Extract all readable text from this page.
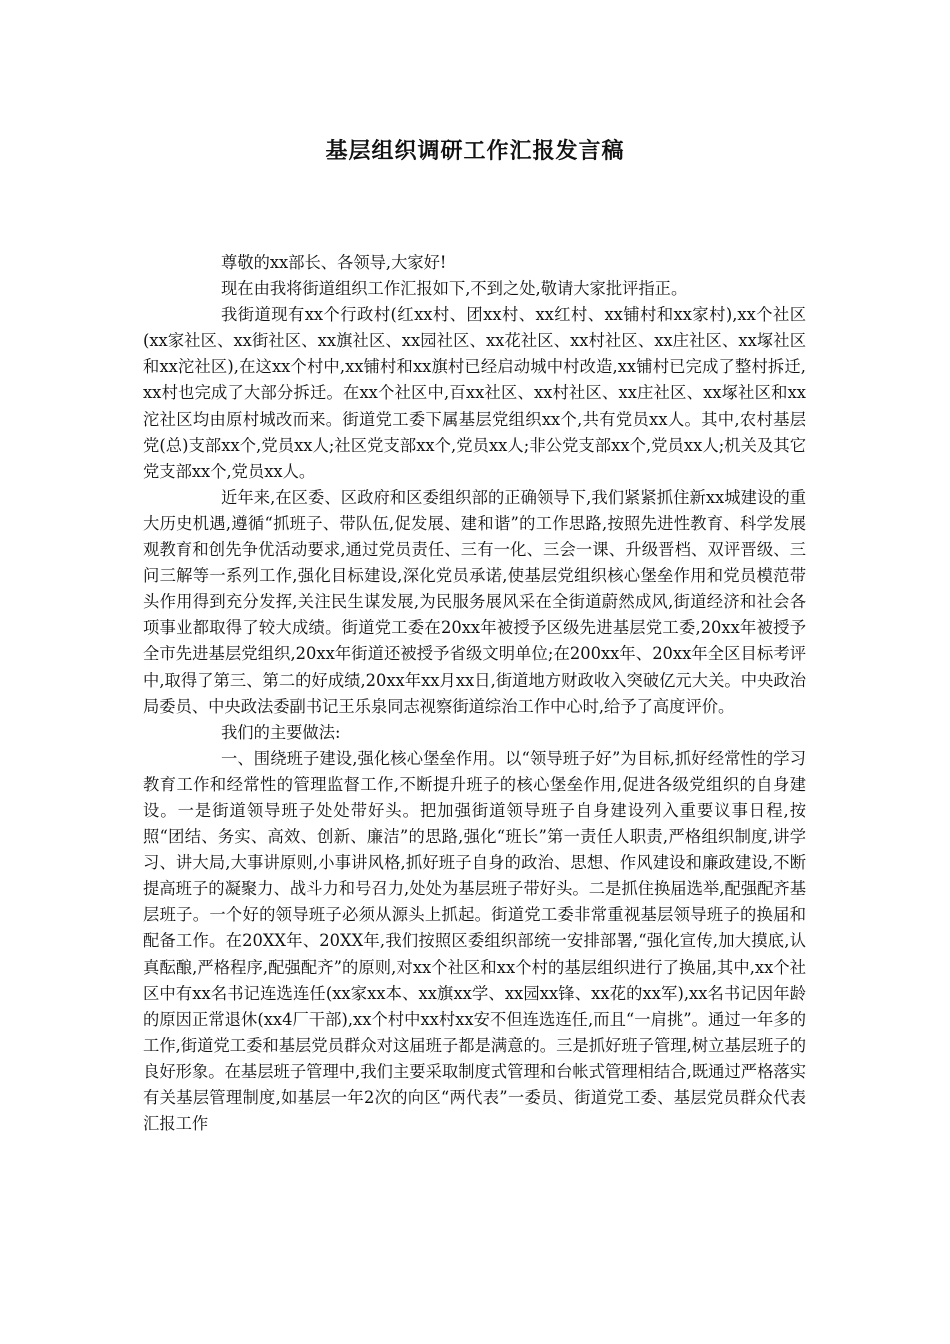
基层组织调研工作汇报发言稿

尊敬的xx部长、各领导,大家好!

现在由我将街道组织工作汇报如下,不到之处,敬请大家批评指正。

我街道现有xx个行政村(红xx村、团xx村、xx红村、xx铺村和xx家村),xx个社区(xx家社区、xx街社区、xx旗社区、xx园社区、xx花社区、xx村社区、xx庄社区、xx塚社区和xx沱社区),在这xx个村中,xx铺村和xx旗村已经启动城中村改造,xx铺村已完成了整村拆迁,xx村也完成了大部分拆迁。在xx个社区中,百xx社区、xx村社区、xx庄社区、xx塚社区和xx沱社区均由原村城改而来。街道党工委下属基层党组织xx个,共有党员xx人。其中,农村基层党(总)支部xx个,党员xx人;社区党支部xx个,党员xx人;非公党支部xx个,党员xx人;机关及其它党支部xx个,党员xx人。

近年来,在区委、区政府和区委组织部的正确领导下,我们紧紧抓住新xx城建设的重大历史机遇,遵循“抓班子、带队伍,促发展、建和谐”的工作思路,按照先进性教育、科学发展观教育和创先争优活动要求,通过党员责任、三有一化、三会一课、升级晋档、双评晋级、三问三解等一系列工作,强化目标建设,深化党员承诺,使基层党组织核心堡垒作用和党员模范带头作用得到充分发挥,关注民生谋发展,为民服务展风采在全街道蔚然成风,街道经济和社会各项事业都取得了较大成绩。街道党工委在20xx年被授予区级先进基层党工委,20xx年被授予全市先进基层党组织,20xx年街道还被授予省级文明单位;在200xx年、20xx年全区目标考评中,取得了第三、第二的好成绩,20xx年xx月xx日,街道地方财政收入突破亿元大关。中央政治局委员、中央政法委副书记王乐泉同志视察街道综治工作中心时,给予了高度评价。

我们的主要做法:

一、围绕班子建设,强化核心堡垒作用。以“领导班子好”为目标,抓好经常性的学习教育工作和经常性的管理监督工作,不断提升班子的核心堡垒作用,促进各级党组织的自身建设。一是街道领导班子处处带好头。把加强街道领导班子自身建设列入重要议事日程,按照“团结、务实、高效、创新、廉洁”的思路,强化“班长”第一责任人职责,严格组织制度,讲学习、讲大局,大事讲原则,小事讲风格,抓好班子自身的政治、思想、作风建设和廉政建设,不断提高班子的凝聚力、战斗力和号召力,处处为基层班子带好头。二是抓住换届选举,配强配齐基层班子。一个好的领导班子必须从源头上抓起。街道党工委非常重视基层领导班子的换届和配备工作。在20XX年、20XX年,我们按照区委组织部统一安排部署,“强化宣传,加大摸底,认真酝酿,严格程序,配强配齐”的原则,对xx个社区和xx个村的基层组织进行了换届,其中,xx个社区中有xx名书记连选连任(xx家xx本、xx旗xx学、xx园xx锋、xx花的xx军),xx名书记因年龄的原因正常退休(xx4厂干部),xx个村中xx村xx安不但连选连任,而且“一肩挑”。通过一年多的工作,街道党工委和基层党员群众对这届班子都是满意的。三是抓好班子管理,树立基层班子的良好形象。在基层班子管理中,我们主要采取制度式管理和台帐式管理相结合,既通过严格落实有关基层管理制度,如基层一年2次的向区“两代表”一委员、街道党工委、基层党员群众代表汇报工作
